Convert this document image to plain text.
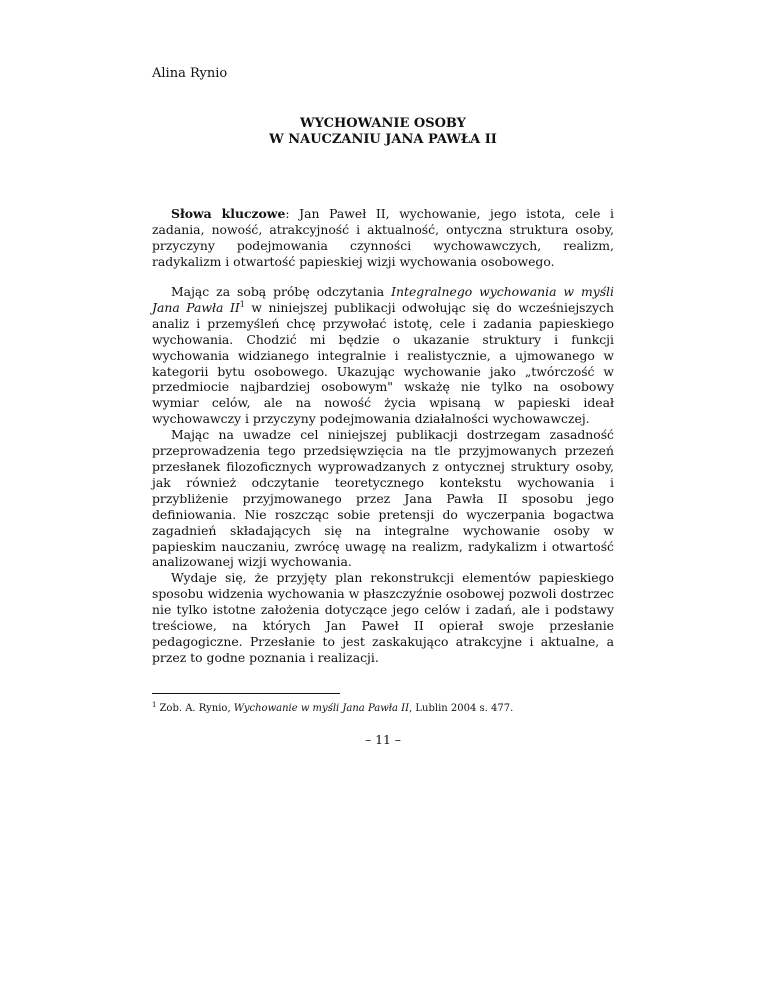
Alina Rynio
WYCHOWANIE OSOBY
W NAUCZANIU JANA PAWŁA II

Słowa kluczowe: Jan Paweł II, wychowanie, jego istota, cele i zadania, nowość, atrakcyjność i aktualność, ontyczna struktura osoby, przyczyny podejmowania czynności wychowawczych, realizm, radykalizm i otwartość papieskiej wizji wychowania osobowego.

Mając za sobą próbę odczytania Integralnego wychowania w myśli Jana Pawła $II^1$ w niniejszej publikacji odwołując się do wcześniejszych analiz i przemyśleń chcę przywołać istotę, cele i zadania papieskiego wychowania. Chodzić mi będzie o ukazanie struktury i funkcji wychowania widzianego integralnie i realistycznie, a ujmowanego w kategorii bytu osobowego. Ukazując wychowanie jako „twórczość w przedmiocie najbardziej osobowym" wskażę nie tylko na osobowy wymiar celów, ale na nowość życia wpisaną w papieski ideał wychowawczy i przyczyny podejmowania działalności wychowawczej.

Mając na uwadze cel niniejszej publikacji dostrzegam zasadność przeprowadzenia tego przedsięwzięcia na tle przyjmowanych przezeń przesłanek filozoficznych wyprowadzanych z ontycznej struktury osoby, jak również odczytanie teoretycznego kontekstu wychowania i przybliżenie przyjmowanego przez Jana Pawła II sposobu jego definiowania. Nie roszcząc sobie pretensji do wyczerpania bogactwa zagadnień składających się na integralne wychowanie osoby w papieskim nauczaniu, zwrócę uwagę na realizm, radykalizm i otwartość analizowanej wizji wychowania.

Wydaje się, że przyjęty plan rekonstrukcji elementów papieskiego sposobu widzenia wychowania w płaszczyźnie osobowej pozwoli dostrzec nie tylko istotne założenia dotyczące jego celów i zadań, ale i podstawy treściowe, na których Jan Paweł II opierał swoje przesłanie pedagogiczne. Przesłanie to jest zaskakująco atrakcyjne i aktualne, a przez to godne poznania i realizacji.

$^1$ Zob. A. Rynio, Wychowanie w myśli Jana Pawła II, Lublin 2004 s. 477.
– 11 –
